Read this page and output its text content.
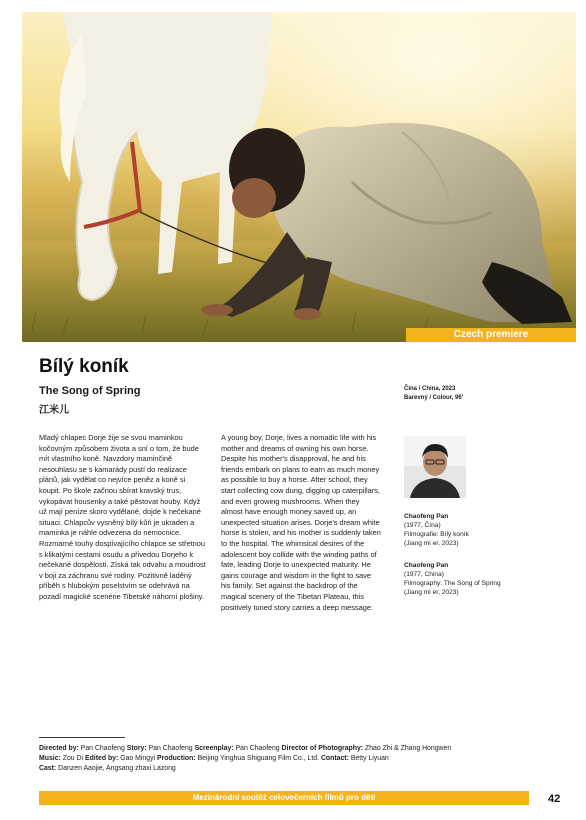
Czech premiere
Bílý koník
The Song of Spring
江米儿
Čína / China, 2023
Barevný / Colour, 96'
Mladý chlapec Dorje žije se svou maminkou kočovným způsobem života a sní o tom, že bude mít vlastního koně. Navzdory maminčině nesouhlasu se s kamarády pustí do realizace plánů, jak vydělat co nejvíce peněz a koně si koupit. Po škole začnou sbírat kravský trus, vykopávat housenky a také pěstovat houby. Když už mají peníze skoro vydělané, dojde k nečekané situaci. Chlapcův vysněný bílý kůň je ukraden a maminka je náhle odvezena do nemocnice. Rozmarné touhy dospívajícího chlapce se střetnou s klikatými cestami osudu a přivedou Dorjeho k nečekané dospělosti. Získá tak odvahu a moudrost v boji za záchranu své rodiny. Pozitivně laděný příběh s hlubokým poselstvím se odehrává na pozadí magické scenérie Tibetské náhorní plošiny.
A young boy, Dorje, lives a nomadic life with his mother and dreams of owning his own horse. Despite his mother's disapproval, he and his friends embark on plans to earn as much money as possible to buy a horse. After school, they start collecting cow dung, digging up caterpillars, and even growing mushrooms. When they almost have enough money saved up, an unexpected situation arises. Dorje's dream white horse is stolen, and his mother is suddenly taken to the hospital. The whimsical desires of the adolescent boy collide with the winding paths of fate, leading Dorje to unexpected maturity. He gains courage and wisdom in the fight to save his family. Set against the backdrop of the magical scenery of the Tibetan Plateau, this positively tuned story carries a deep message.
Chaofeng Pan
(1977, Čína)
Filmografie: Bílý koník
(Jiang mi er, 2023)
Chaofeng Pan
(1977, China)
Filmography: The Song of Spring
(Jiang mi er, 2023)
Directed by: Pan Chaofeng Story: Pan Chaofeng Screenplay: Pan Chaofeng Director of Photography: Zhao Zhi & Zhang Hongwen
Music: Zou Di Edited by: Gao Mingyi Production: Beijing Yinghua Shiguang Film Co., Ltd. Contact: Betty Liyuan
Cast: Danzen Aaojie, Angsang zhaxi Lazong
Mezinárodní soutěž celovečerních filmů pro děti	42
